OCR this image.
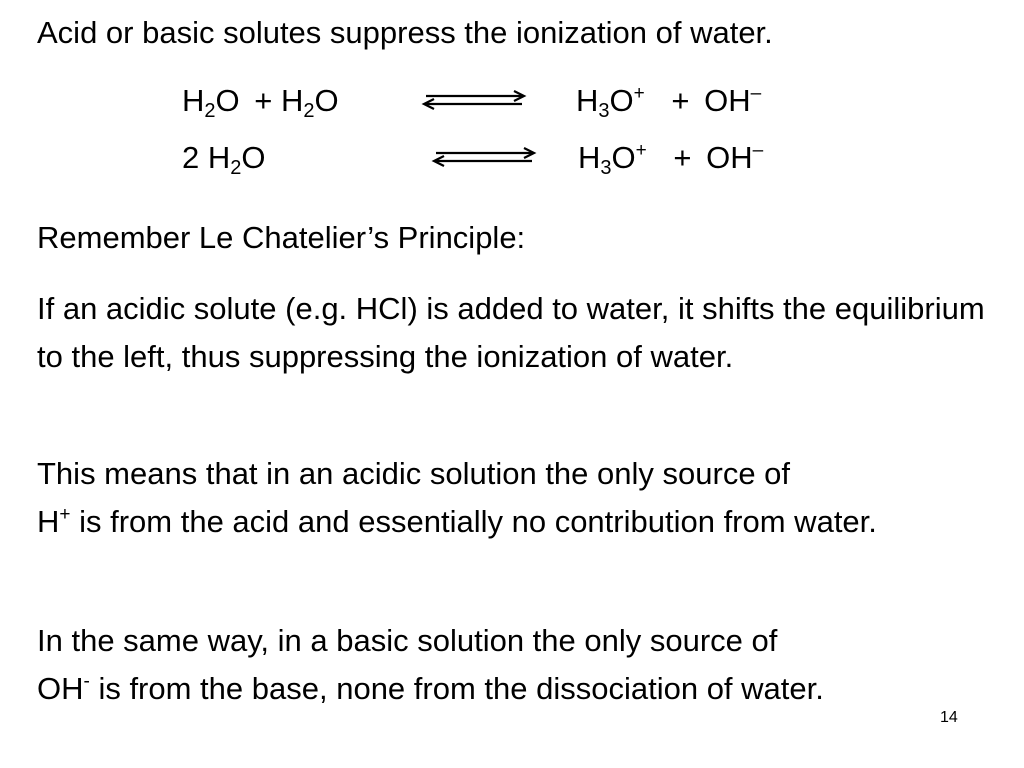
Acid or basic solutes suppress the ionization of water.
$H_2O + H_2O$	$H_3O^+ + OH^-$
2 $H_2O$	$H_3O^+ + OH^-$
Remember Le Chatelier’s Principle:
If an acidic solute (e.g. HCl) is added to water, it shifts the equilibrium to the left, thus suppressing the ionization of water.
This means that in an acidic solution the only source of
H+ is from the acid and essentially no contribution from water.
In the same way, in a basic solution the only source of
OH- is from the base, none from the dissociation of water.
14
